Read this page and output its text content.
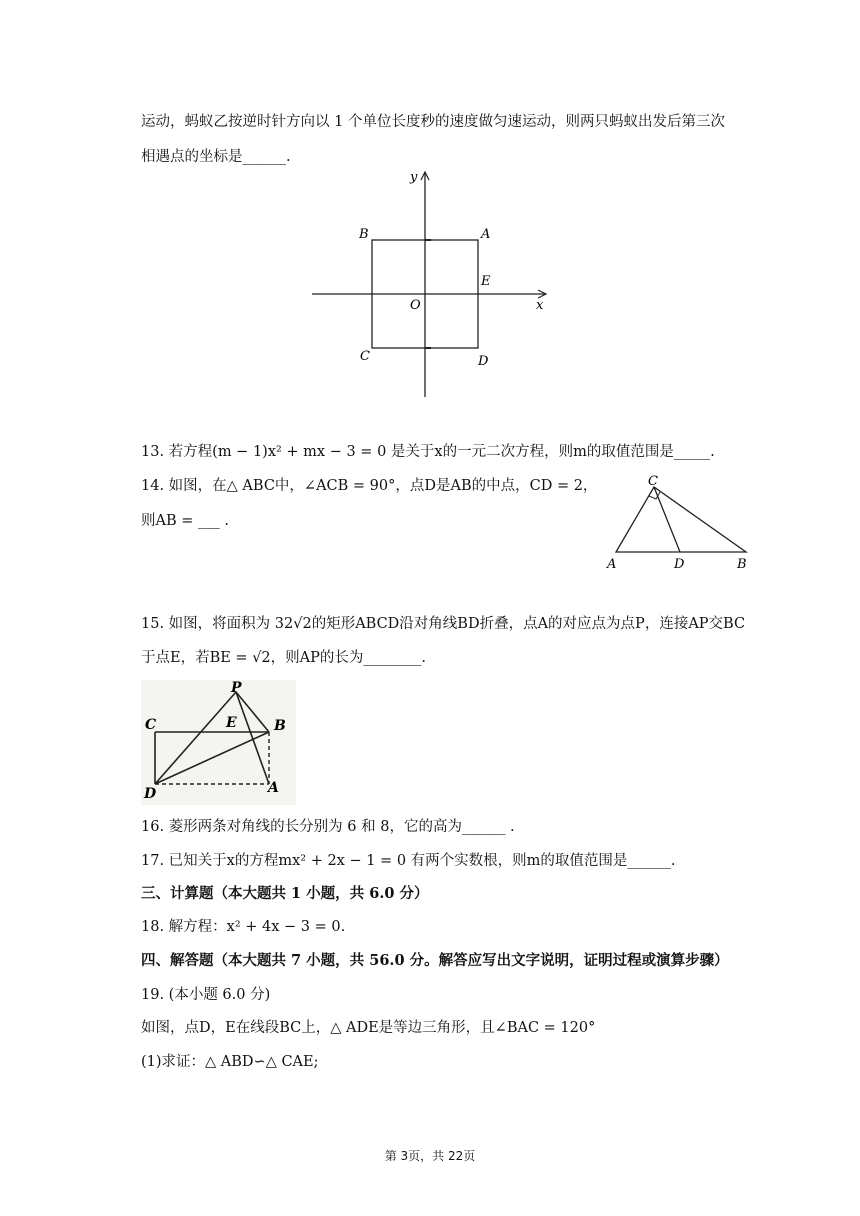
运动，蚂蚁乙按逆时针方向以 1 个单位长度秒的速度做匀速运动，则两只蚂蚁出发后第三次
相遇点的坐标是______.
y
x
O
A
B
C	D
E
13. 若方程(m − 1)x² + mx − 3 = 0 是关于x的一元二次方程，则m的取值范围是_____.
14. 如图，在△ ABC中，∠ACB = 90°，点D是AB的中点，CD = 2，
则AB = ___ .
C
A	D	B
15. 如图，将面积为 32√2的矩形ABCD沿对角线BD折叠，点A的对应点为点P，连接AP交BC
于点E，若BE = √2，则AP的长为________.
P
E	B
C
D	A
16. 菱形两条对角线的长分别为 6 和 8，它的高为______ .
17. 已知关于x的方程mx² + 2x − 1 = 0 有两个实数根，则m的取值范围是______.
三、计算题（本大题共 1 小题，共 6.0 分）
18. 解方程：x² + 4x − 3 = 0.
四、解答题（本大题共 7 小题，共 56.0 分。解答应写出文字说明，证明过程或演算步骤）
19. (本小题 6.0 分)
如图，点D，E在线段BC上，△ ADE是等边三角形，且∠BAC = 120°
(1)求证：△ ABD∽△ CAE;
第 3页，共 22页
